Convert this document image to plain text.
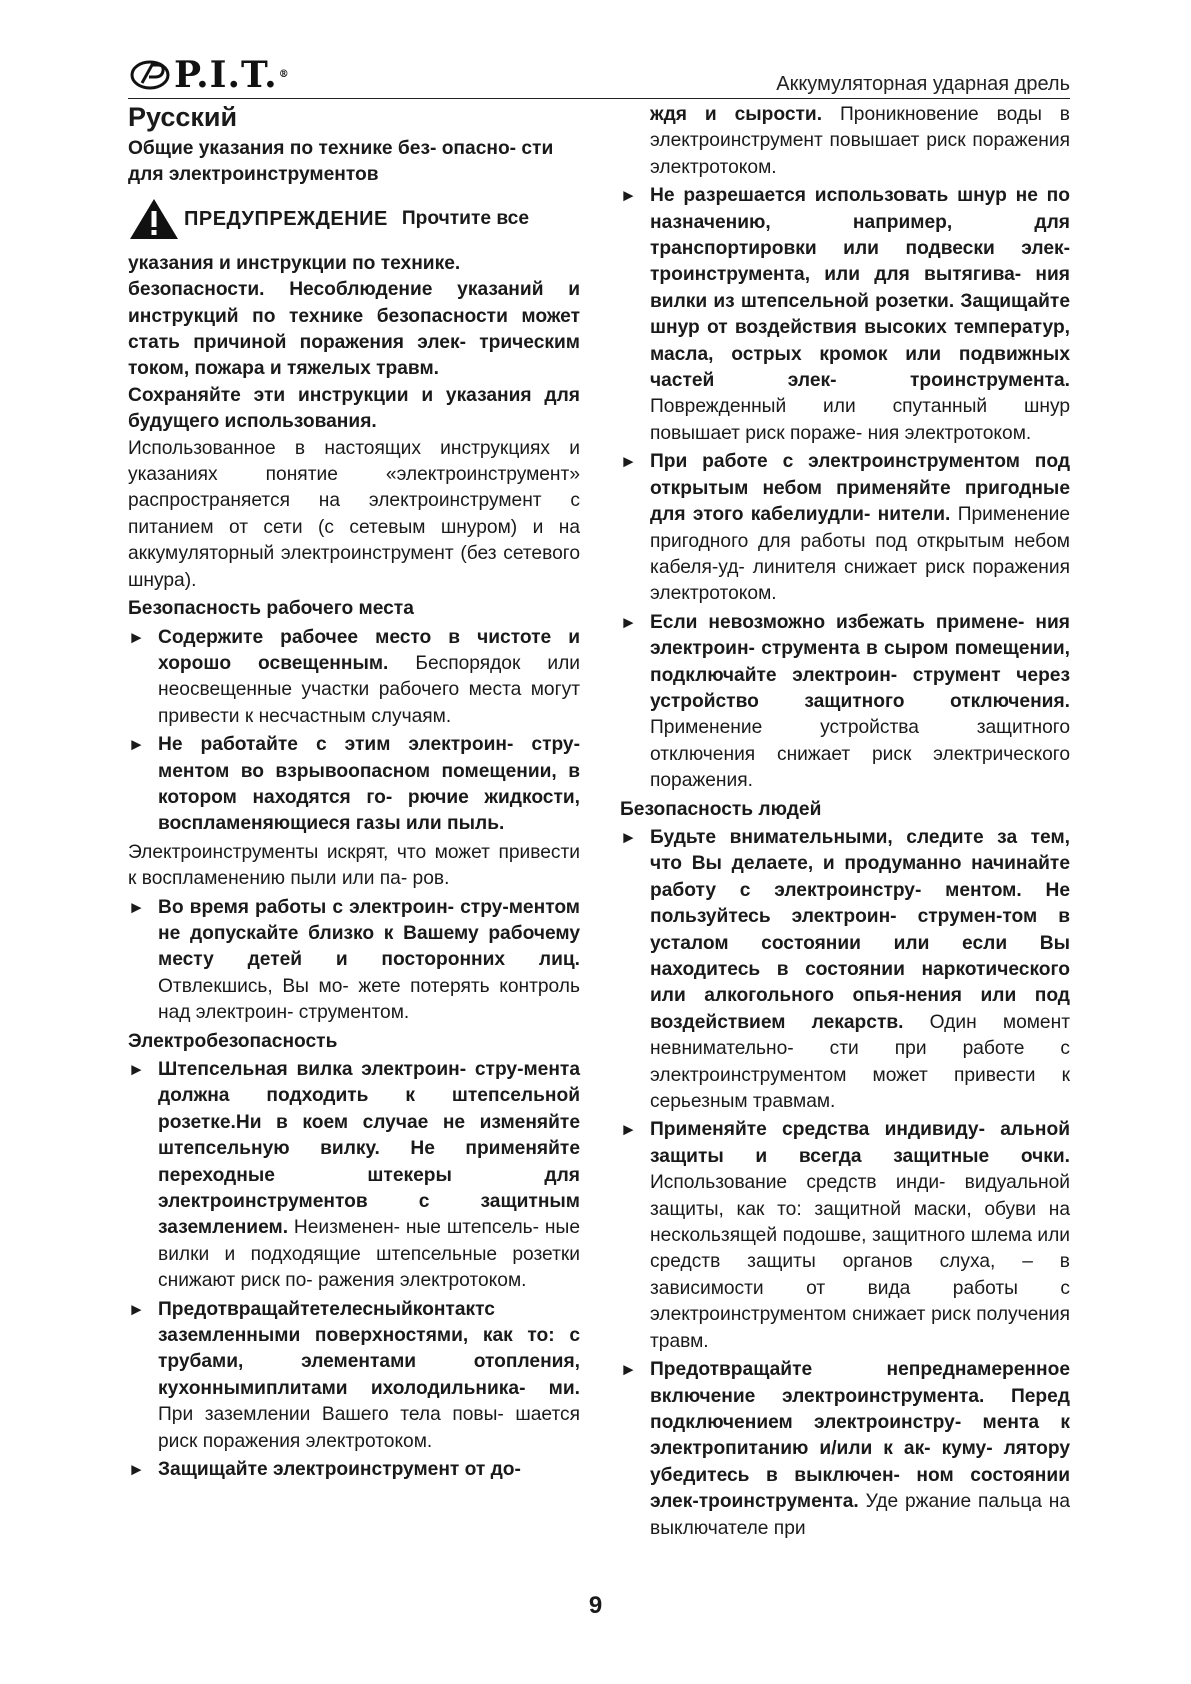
P.I.T.®	Аккумуляторная ударная дрель
Русский
Общие указания по технике без- опасно- сти для электроинструментов
ПРЕДУПРЕЖДЕНИЕ Прочтите все
указания и инструкции по технике.
безопасности. Несоблюдение указаний и инструкций по технике безопасности может стать причиной поражения элек- трическим током, пожара и тяжелых травм.
Сохраняйте эти инструкции и указания для будущего использования.
Использованное в настоящих инструкциях и указаниях понятие «электроинструмент» распространяется на электроинструмент с питанием от сети (с сетевым шнуром) и на аккумуляторный электроинструмент (без сетевого шнура).
Безопасность рабочего места
► Содержите рабочее место в чистоте и хорошо освещенным. Беспорядок или неосвещенные участки рабочего места могут привести к несчастным случаям.
► Не работайте с этим электроин- стру-ментом во взрывоопасном помещении, в котором находятся го- рючие жидкости, воспламеняющиеся газы или пыль.
Электроинструменты искрят, что может привести к воспламенению пыли или па- ров.
► Во время работы с электроин- стру-ментом не допускайте близко к Вашему рабочему месту детей и посторонних лиц. Отвлекшись, Вы мо- жете потерять контроль над электроин- струментом.
Электробезопасность
► Штепсельная вилка электроин- стру-мента должна подходить к штепсельной розетке.Ни в коем случае не изменяйте штепсельную вилку. Не применяйте переходные штекеры для электроинструментов с защитным заземлением. Неизменен- ные штепсель- ные вилки и подходящие штепсельные розетки снижают риск по- ражения электротоком.
► Предотвращайтетелесныйконтактс заземленными поверхностями, как то: с трубами, элементами отопления, кухоннымиплитами ихолодильника- ми. При заземлении Вашего тела повы- шается риск поражения электротоком.
► Защищайте электроинструмент от до-
ждя и сырости. Проникновение воды в электроинструмент повышает риск поражения электротоком.
► Не разрешается использовать шнур не по назначению, например, для транспортировки или подвески элек- троинструмента, или для вытягива- ния вилки из штепсельной розетки. Защищайте шнур от воздействия высоких температур, масла, острых кромок или подвижных частей элек- троинструмента. Поврежденный или спутанный шнур повышает риск пораже- ния электротоком.
► При работе с электроинструментом под открытым небом применяйте пригодные для этого кабелиудли- нители. Применение пригодного для работы под открытым небом кабеля-уд- линителя снижает риск поражения электротоком.
► Если невозможно избежать примене- ния электроин- струмента в сыром помещении, подключайте электроин- струмент через устройство защитного отключения. Применение устройства защитного отключения снижает риск электрического поражения.
Безопасность людей
► Будьте внимательными, следите за тем, что Вы делаете, и продуманно начинайте работу с электроинстру- ментом. Не пользуйтесь электроин- струмен-том в усталом состоянии или если Вы находитесь в состоянии наркотического или алкогольного опья-нения или под воздействием лекарств. Один момент невнимательно- сти при работе с электроинструментом может привести к серьезным травмам.
► Применяйте средства индивиду- альной защиты и всегда защитные очки. Использование средств инди- видуальной защиты, как то: защитной маски, обуви на нескользящей подошве, защитного шлема или средств защиты органов слуха, – в зависимости от вида работы с электроинструментом снижает риск получения травм.
► Предотвращайте непреднамеренное включение электроинструмента. Перед подключением электроинстру- мента к электропитанию и/или к ак- куму- лятору убедитесь в выключен- ном состоянии элек-троинструмента. Уде ржание пальца на выключателе при
9
